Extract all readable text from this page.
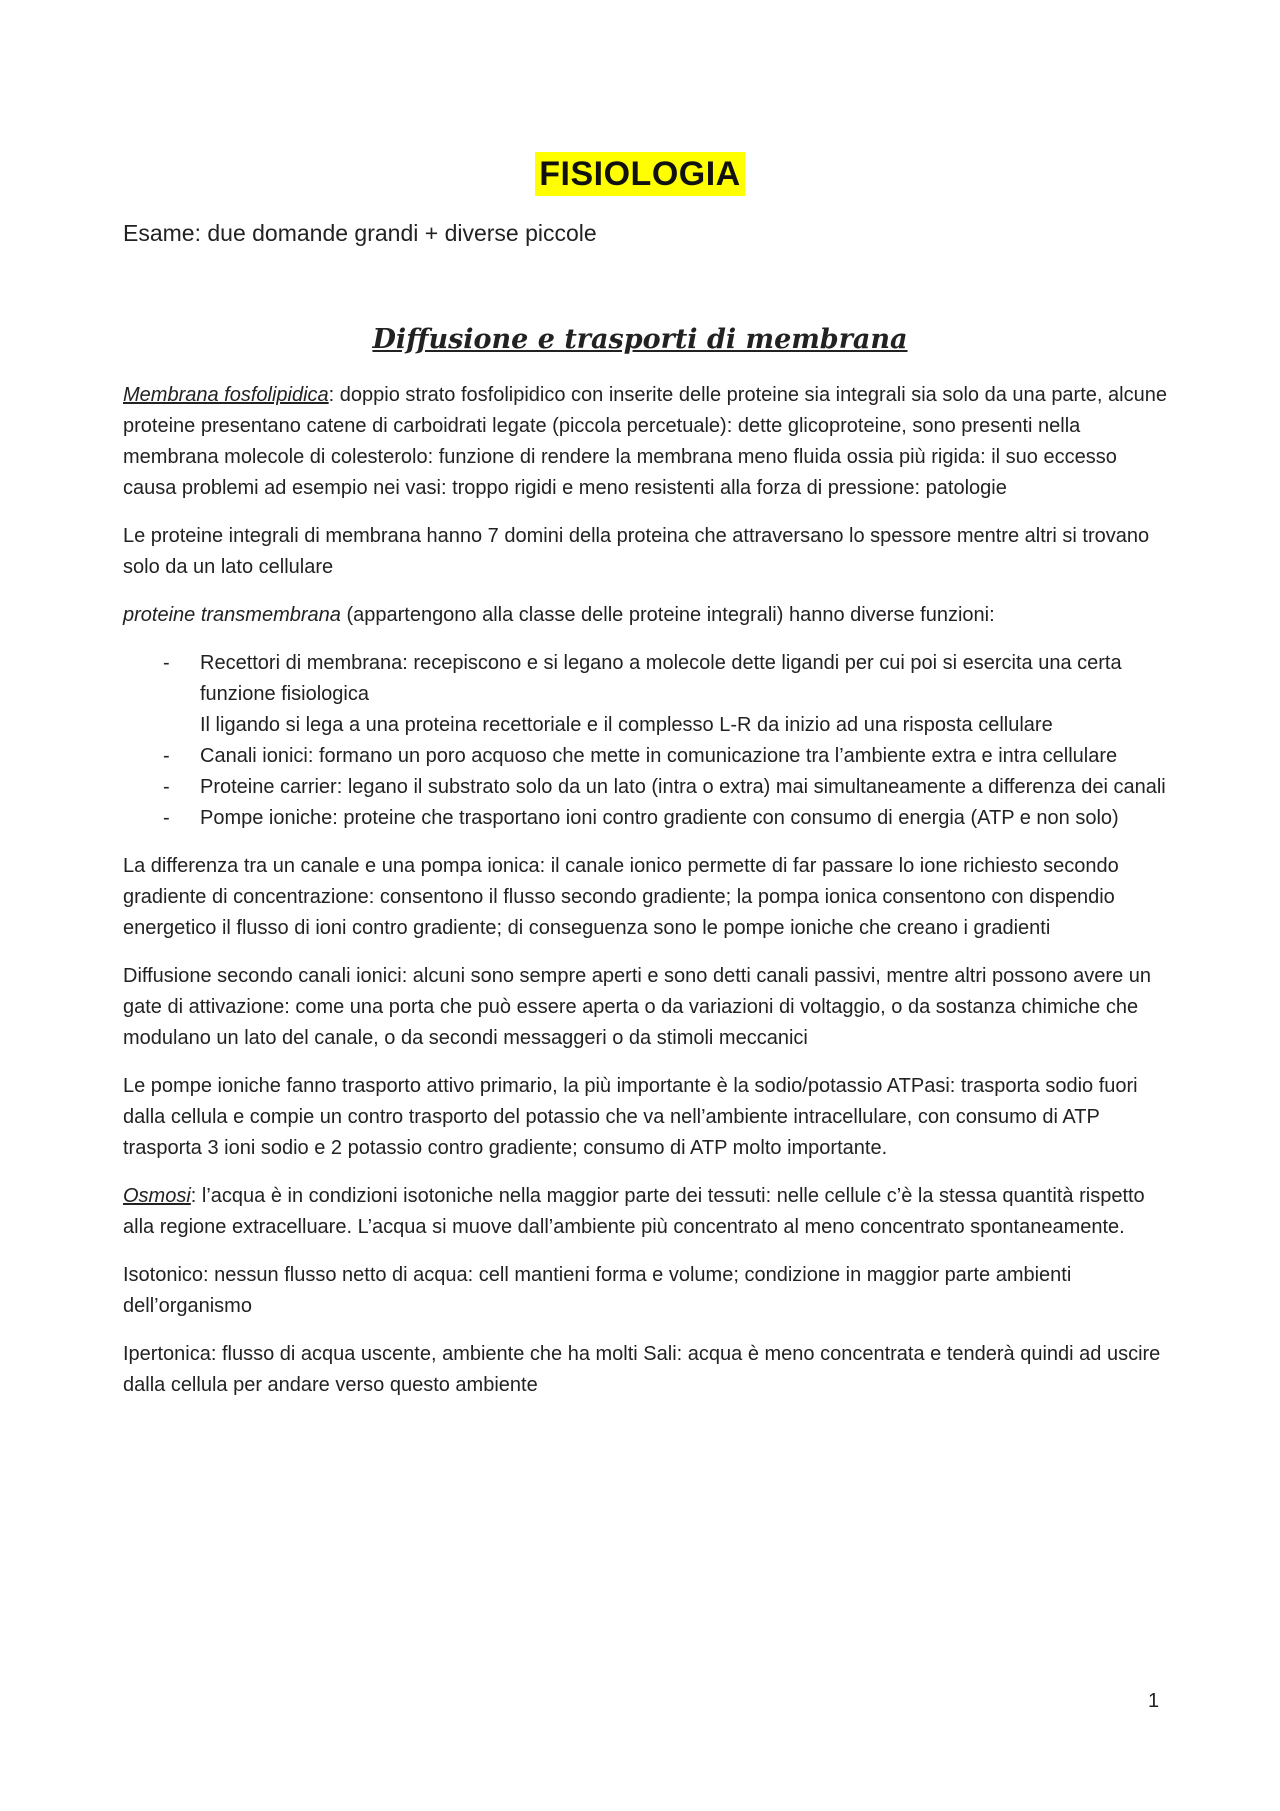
FISIOLOGIA
Esame: due domande grandi + diverse piccole
Diffusione e trasporti di membrana

Membrana fosfolipidica: doppio strato fosfolipidico con inserite delle proteine sia integrali sia solo da una parte, alcune proteine presentano catene di carboidrati legate (piccola percetuale): dette glicoproteine, sono presenti nella membrana molecole di colesterolo: funzione di rendere la membrana meno fluida ossia più rigida: il suo eccesso causa problemi ad esempio nei vasi: troppo rigidi e meno resistenti alla forza di pressione: patologie

Le proteine integrali di membrana hanno 7 domini della proteina che attraversano lo spessore mentre altri si trovano solo da un lato cellulare

proteine transmembrana (appartengono alla classe delle proteine integrali) hanno diverse funzioni:

- Recettori di membrana: recepiscono e si legano a molecole dette ligandi per cui poi si esercita una certa funzione fisiologica
Il ligando si lega a una proteina recettoriale e il complesso L-R da inizio ad una risposta cellulare
- Canali ionici: formano un poro acquoso che mette in comunicazione tra l’ambiente extra e intra cellulare
- Proteine carrier: legano il substrato solo da un lato (intra o extra) mai simultaneamente a differenza dei canali
- Pompe ioniche: proteine che trasportano ioni contro gradiente con consumo di energia (ATP e non solo)

La differenza tra un canale e una pompa ionica: il canale ionico permette di far passare lo ione richiesto secondo gradiente di concentrazione: consentono il flusso secondo gradiente; la pompa ionica consentono con dispendio energetico il flusso di ioni contro gradiente; di conseguenza sono le pompe ioniche che creano i gradienti

Diffusione secondo canali ionici: alcuni sono sempre aperti e sono detti canali passivi, mentre altri possono avere un gate di attivazione: come una porta che può essere aperta o da variazioni di voltaggio, o da sostanza chimiche che modulano un lato del canale, o da secondi messaggeri o da stimoli meccanici

Le pompe ioniche fanno trasporto attivo primario, la più importante è la sodio/potassio ATPasi: trasporta sodio fuori dalla cellula e compie un contro trasporto del potassio che va nell’ambiente intracellulare, con consumo di ATP trasporta 3 ioni sodio e 2 potassio contro gradiente; consumo di ATP molto importante.

Osmosi: l’acqua è in condizioni isotoniche nella maggior parte dei tessuti: nelle cellule c’è la stessa quantità rispetto alla regione extracelluare. L’acqua si muove dall’ambiente più concentrato al meno concentrato spontaneamente.

Isotonico: nessun flusso netto di acqua: cell mantieni forma e volume; condizione in maggior parte ambienti dell’organismo

Ipertonica: flusso di acqua uscente, ambiente che ha molti Sali: acqua è meno concentrata e tenderà quindi ad uscire dalla cellula per andare verso questo ambiente

1
